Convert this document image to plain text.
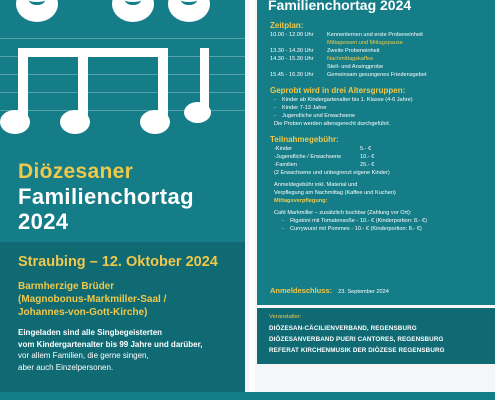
Diözesaner
Familienchortag
2024
Straubing – 12. Oktober 2024
Barmherzige Brüder
(Magnobonus-Markmiller-Saal /
Johannes-von-Gott-Kirche)
Eingeladen sind alle Singbegeisterten
vom Kindergartenalter bis 99 Jahre und darüber,
vor allem Familien, die gerne singen,
aber auch Einzelpersonen.
Familienchortag 2024
Zeitplan:
10.00 - 12.00 Uhr	Kennenlernen und erste Probeneinheit
Mittagessen und Mittagspause
13.30 - 14.30 Uhr	Zweite Probeneinheit
14.30 - 15.30 Uhr	Nachmittagskaffee
Stell- und Ansingprobe
15.45 - 16.30 Uhr	Gemeinsam gesungenes Friedensgebet
Geprobt wird in drei Altersgruppen:
- Kinder ab Kindergartenalter bis 1. Klasse (4-6 Jahre)
- Kinder 7-13 Jahre
- Jugendliche und Erwachsene
Die Proben werden altersgerecht durchgeführt.
Teilnahmegebühr:
-Kinder	5.- €
-Jugendliche / Erwachsene	10.- €
-Familien	25.- €
(2 Erwachsene und unbegrenzt eigene Kinder)
Anmeldegebühr inkl. Material und
Verpflegung am Nachmittag (Kaffee und Kuchen)
Mittagsverpflegung:
Café Markmiller – zusätzlich buchbar (Zahlung vor Ort):
- Rigatoni mit Tomatensoße - 10.- € (Kinderportion: 8.- €)
- Currywurst mit Pommes - 10.- € (Kinderportion: 8.- €)
Anmeldeschluss: 23. September 2024
Veranstalter:
DIÖZESAN-CÄCILIENVERBAND, REGENSBURG
DIÖZESANVERBAND PUERI CANTORES, REGENSBURG
REFERAT KIRCHENMUSIK DER DIÖZESE REGENSBURG
